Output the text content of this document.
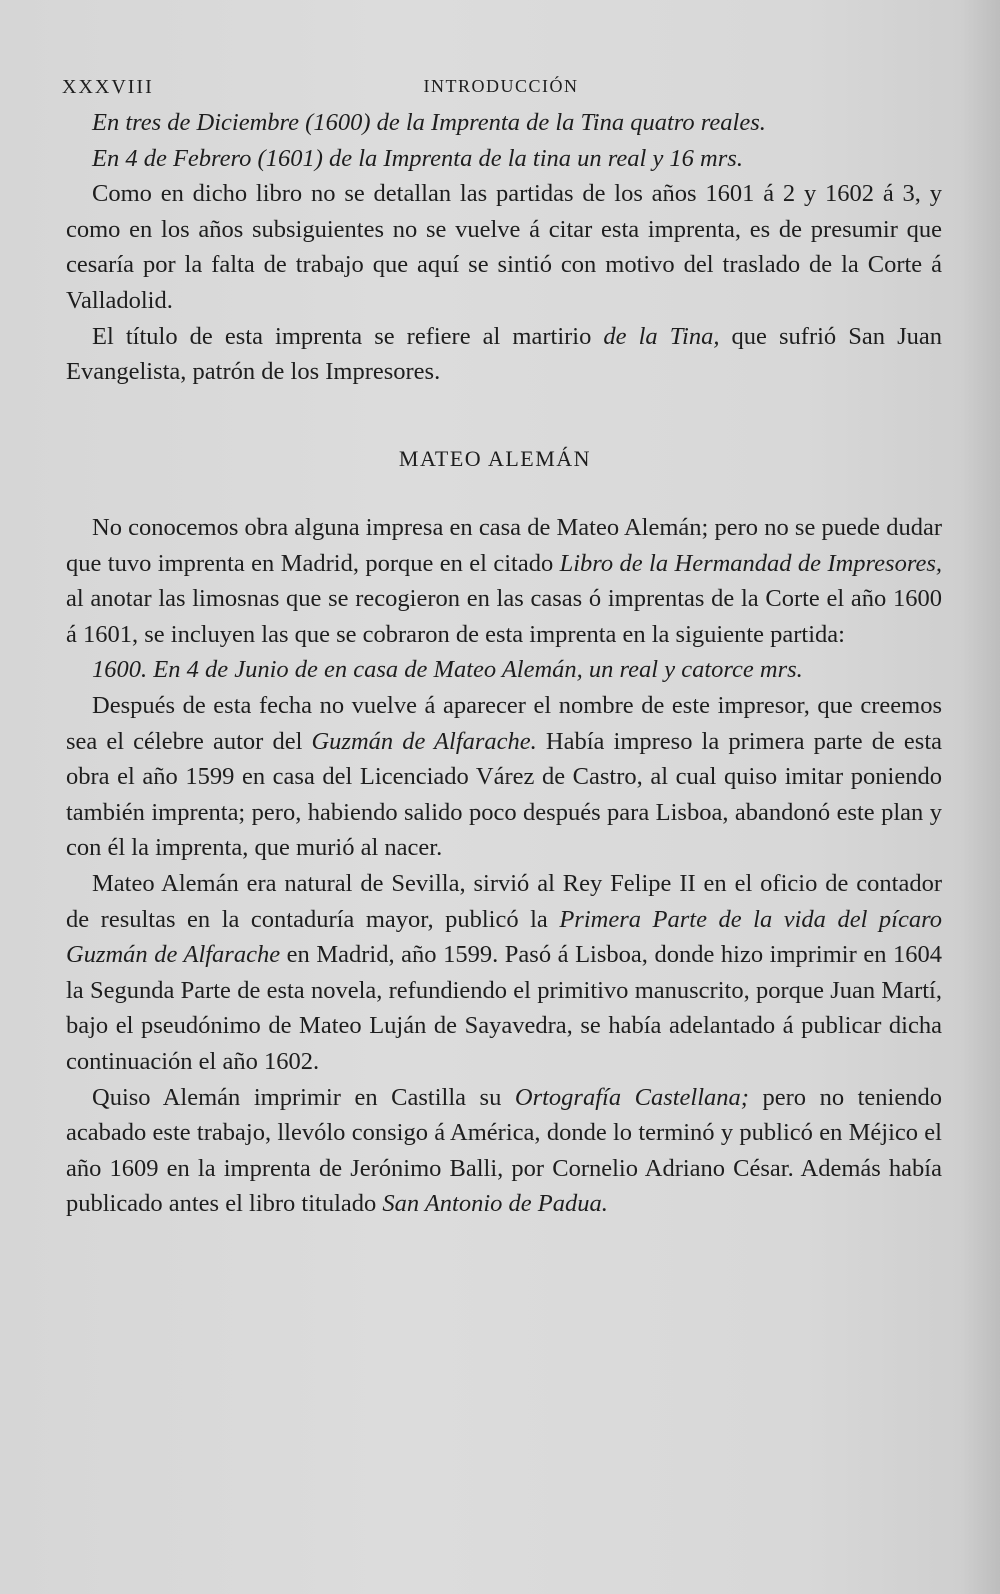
XXXVIII	INTRODUCCIÓN

En tres de Diciembre (1600) de la Imprenta de la Tina quatro reales.

En 4 de Febrero (1601) de la Imprenta de la tina un real y 16 mrs.

Como en dicho libro no se detallan las partidas de los años 1601 á 2 y 1602 á 3, y como en los años subsiguientes no se vuelve á citar esta imprenta, es de presumir que cesaría por la falta de trabajo que aquí se sintió con motivo del traslado de la Corte á Valladolid.

El título de esta imprenta se refiere al martirio de la Tina, que sufrió San Juan Evangelista, patrón de los Impresores.

MATEO ALEMÁN

No conocemos obra alguna impresa en casa de Mateo Alemán; pero no se puede dudar que tuvo imprenta en Madrid, porque en el citado Libro de la Hermandad de Impresores, al anotar las limosnas que se recogieron en las casas ó imprentas de la Corte el año 1600 á 1601, se incluyen las que se cobraron de esta imprenta en la siguiente partida:

1600. En 4 de Junio de en casa de Mateo Alemán, un real y catorce mrs.

Después de esta fecha no vuelve á aparecer el nombre de este impresor, que creemos sea el célebre autor del Guzmán de Alfarache. Había impreso la primera parte de esta obra el año 1599 en casa del Licenciado Várez de Castro, al cual quiso imitar poniendo también imprenta; pero, habiendo salido poco después para Lisboa, abandonó este plan y con él la imprenta, que murió al nacer.

Mateo Alemán era natural de Sevilla, sirvió al Rey Felipe II en el oficio de contador de resultas en la contaduría mayor, publicó la Primera Parte de la vida del pícaro Guzmán de Alfarache en Madrid, año 1599. Pasó á Lisboa, donde hizo imprimir en 1604 la Segunda Parte de esta novela, refundiendo el primitivo manuscrito, porque Juan Martí, bajo el pseudónimo de Mateo Luján de Sayavedra, se había adelantado á publicar dicha continuación el año 1602.

Quiso Alemán imprimir en Castilla su Ortografía Castellana; pero no teniendo acabado este trabajo, llevólo consigo á América, donde lo terminó y publicó en Méjico el año 1609 en la imprenta de Jerónimo Balli, por Cornelio Adriano César. Además había publicado antes el libro titulado San Antonio de Padua.
